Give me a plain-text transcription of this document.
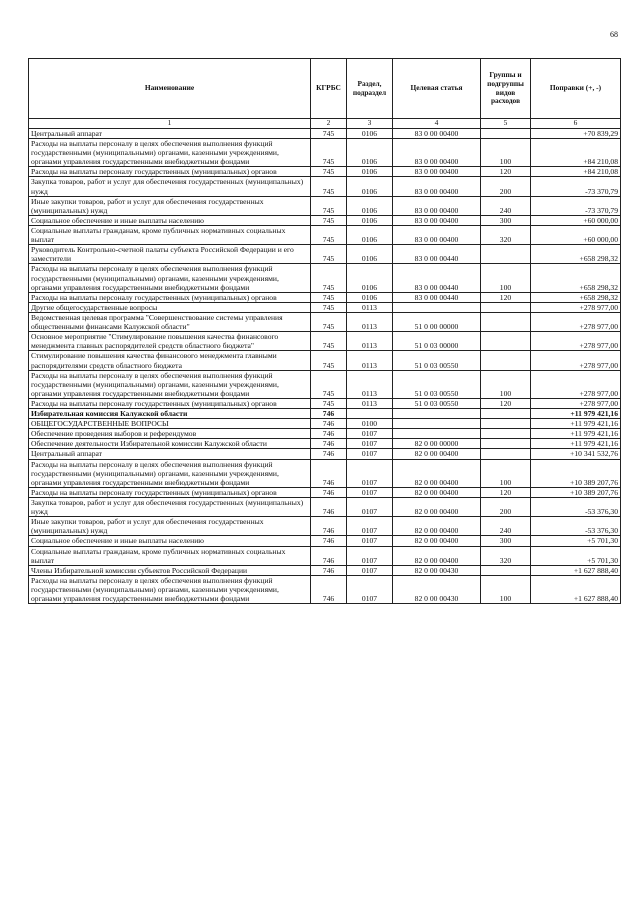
68
Наименование	КГРБС	Раздел, подраздел	Целевая статья	Группы и подгруппы видов расходов	Поправки (+, -)
1	2	3	4	5	6
Центральный аппарат	745	0106	83 0 00 00400		+70 839,29
Расходы на выплаты персоналу в целях обеспечения выполнения функций государственными (муниципальными) органами, казенными учреждениями, органами управления государственными внебюджетными фондами	745	0106	83 0 00 00400	100	+84 210,08
Расходы на выплаты персоналу государственных (муниципальных) органов	745	0106	83 0 00 00400	120	+84 210,08
Закупка товаров, работ и услуг для обеспечения государственных (муниципальных) нужд	745	0106	83 0 00 00400	200	-73 370,79
Иные закупки товаров, работ и услуг для обеспечения государственных (муниципальных) нужд	745	0106	83 0 00 00400	240	-73 370,79
Социальное обеспечение и иные выплаты населению	745	0106	83 0 00 00400	300	+60 000,00
Социальные выплаты гражданам, кроме публичных нормативных социальных выплат	745	0106	83 0 00 00400	320	+60 000,00
Руководитель Контрольно-счетной палаты субъекта Российской Федерации и его заместители	745	0106	83 0 00 00440		+658 298,32
Расходы на выплаты персоналу в целях обеспечения выполнения функций государственными (муниципальными) органами, казенными учреждениями, органами управления государственными внебюджетными фондами	745	0106	83 0 00 00440	100	+658 298,32
Расходы на выплаты персоналу государственных (муниципальных) органов	745	0106	83 0 00 00440	120	+658 298,32
Другие общегосударственные вопросы	745	0113			+278 977,00
Ведомственная целевая программа "Совершенствование системы управления общественными финансами Калужской области"	745	0113	51 0 00 00000		+278 977,00
Основное мероприятие "Стимулирование повышения качества финансового менеджмента главных распорядителей средств областного бюджета"	745	0113	51 0 03 00000		+278 977,00
Стимулирование повышения качества финансового менеджмента главными распорядителями средств областного бюджета	745	0113	51 0 03 00550		+278 977,00
Расходы на выплаты персоналу в целях обеспечения выполнения функций государственными (муниципальными) органами, казенными учреждениями, органами управления государственными внебюджетными фондами	745	0113	51 0 03 00550	100	+278 977,00
Расходы на выплаты персоналу государственных (муниципальных) органов	745	0113	51 0 03 00550	120	+278 977,00
Избирательная комиссия Калужской области	746				+11 979 421,16
ОБЩЕГОСУДАРСТВЕННЫЕ ВОПРОСЫ	746	0100			+11 979 421,16
Обеспечение проведения выборов и референдумов	746	0107			+11 979 421,16
Обеспечение деятельности Избирательной комиссии Калужской области	746	0107	82 0 00 00000		+11 979 421,16
Центральный аппарат	746	0107	82 0 00 00400		+10 341 532,76
Расходы на выплаты персоналу в целях обеспечения выполнения функций государственными (муниципальными) органами, казенными учреждениями, органами управления государственными внебюджетными фондами	746	0107	82 0 00 00400	100	+10 389 207,76
Расходы на выплаты персоналу государственных (муниципальных) органов	746	0107	82 0 00 00400	120	+10 389 207,76
Закупка товаров, работ и услуг для обеспечения государственных (муниципальных) нужд	746	0107	82 0 00 00400	200	-53 376,30
Иные закупки товаров, работ и услуг для обеспечения государственных (муниципальных) нужд	746	0107	82 0 00 00400	240	-53 376,30
Социальное обеспечение и иные выплаты населению	746	0107	82 0 00 00400	300	+5 701,30
Социальные выплаты гражданам, кроме публичных нормативных социальных выплат	746	0107	82 0 00 00400	320	+5 701,30
Члены Избирательной комиссии субъектов Российской Федерации	746	0107	82 0 00 00430		+1 627 888,40
Расходы на выплаты персоналу в целях обеспечения выполнения функций государственными (муниципальными) органами, казенными учреждениями, органами управления государственными внебюджетными фондами	746	0107	82 0 00 00430	100	+1 627 888,40
